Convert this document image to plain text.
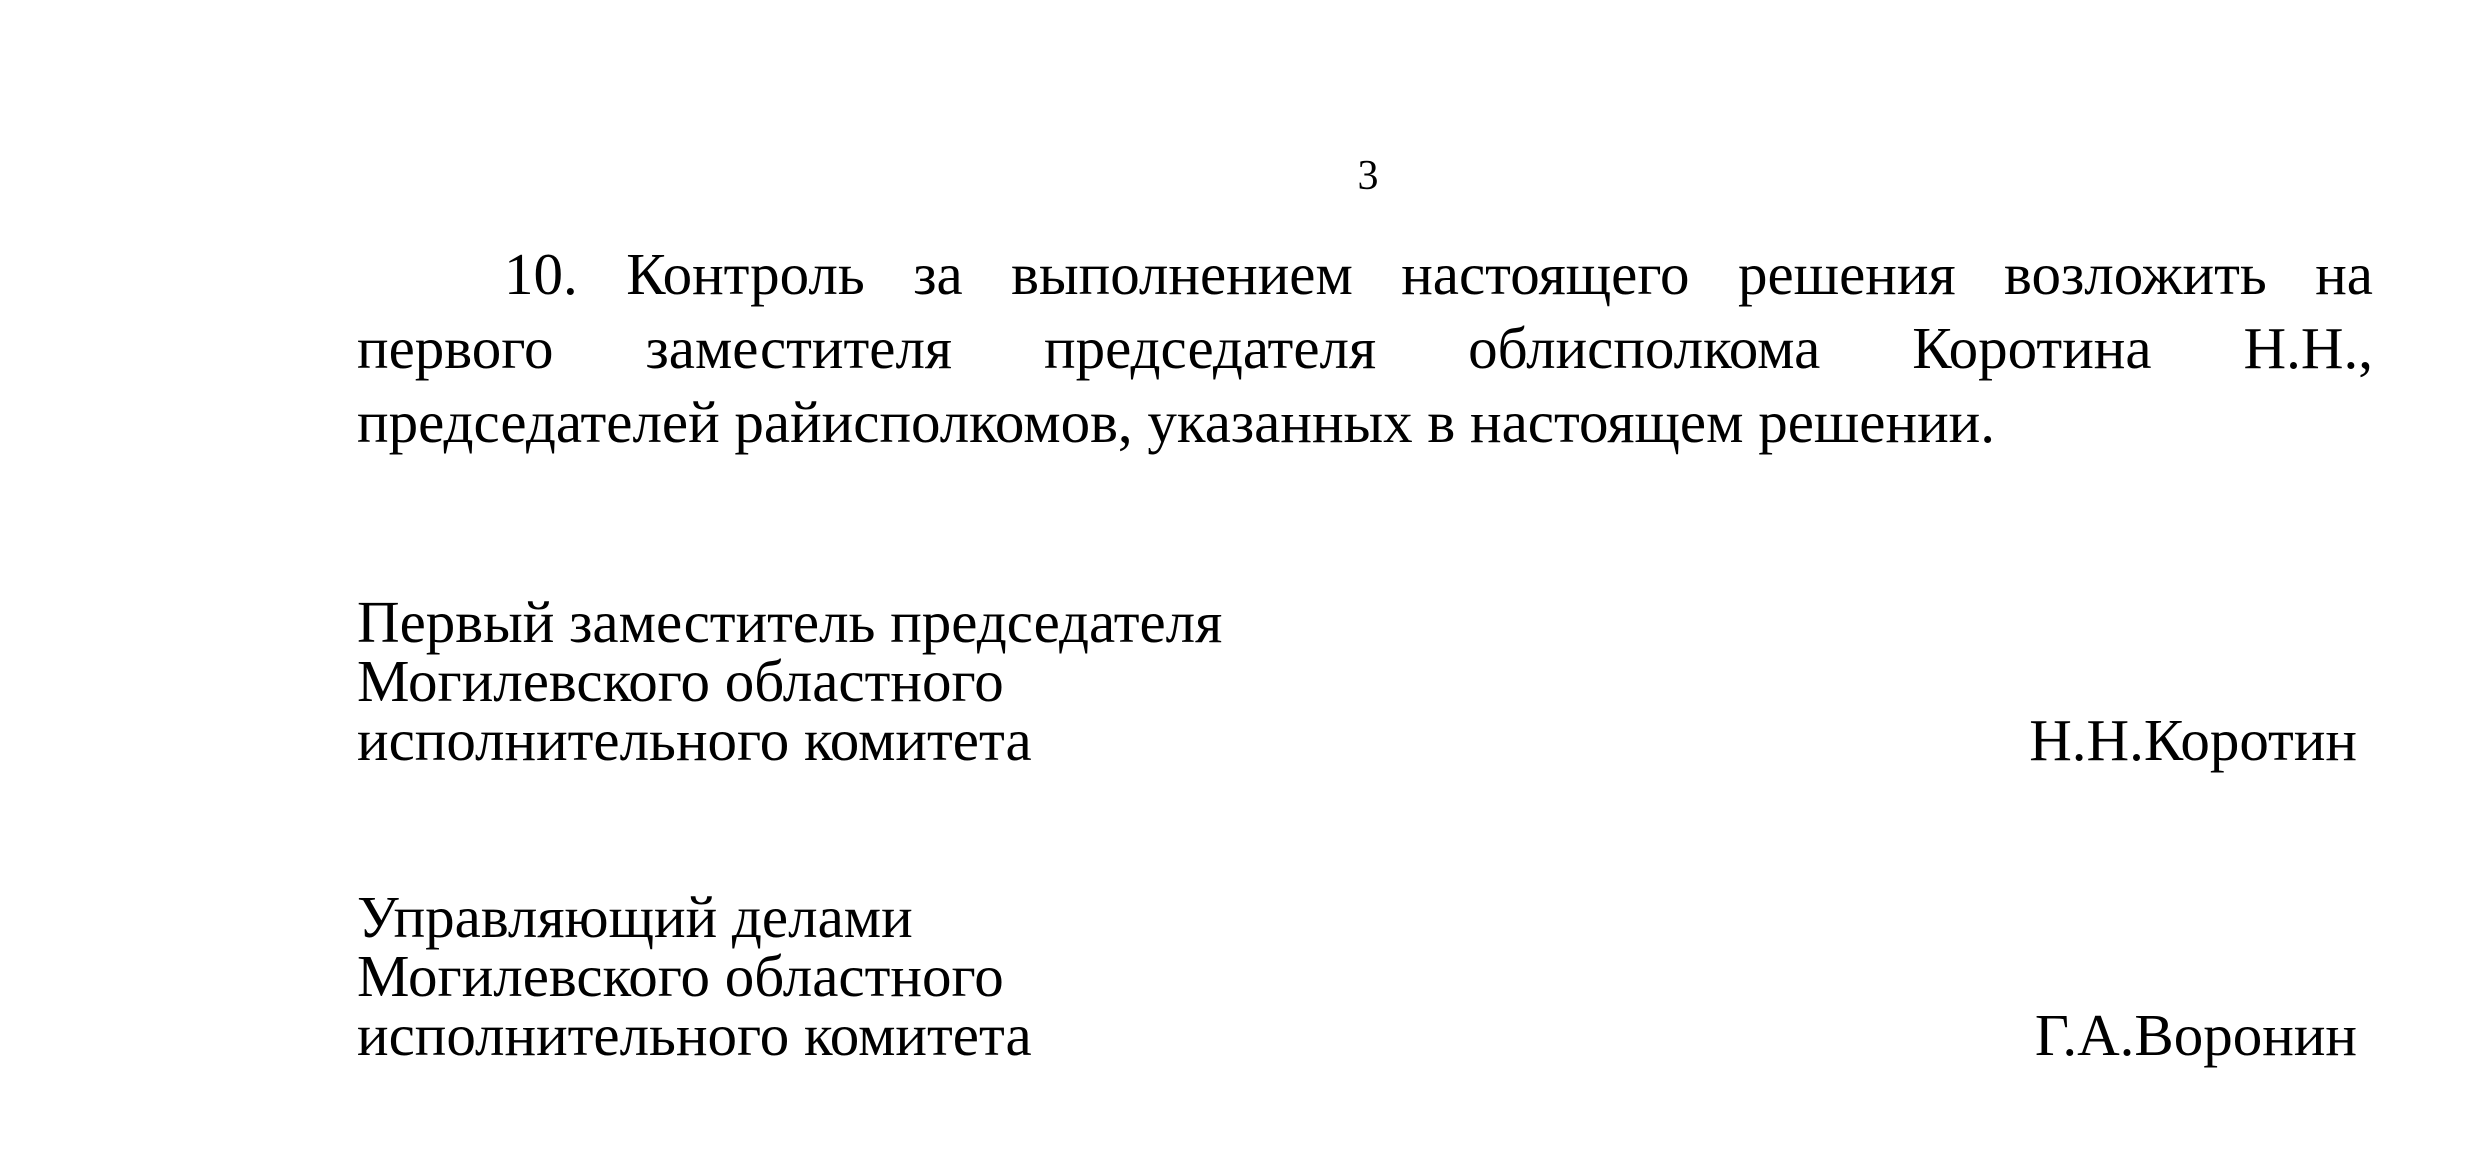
3
10. Контроль за выполнением настоящего решения возложить на
первого заместителя председателя облисполкома Коротина Н.Н.,
председателей райисполкомов, указанных в настоящем решении.
Первый заместитель председателя
Могилевского областного
исполнительного комитета	Н.Н.Коротин
Управляющий делами
Могилевского областного
исполнительного комитета	Г.А.Воронин
